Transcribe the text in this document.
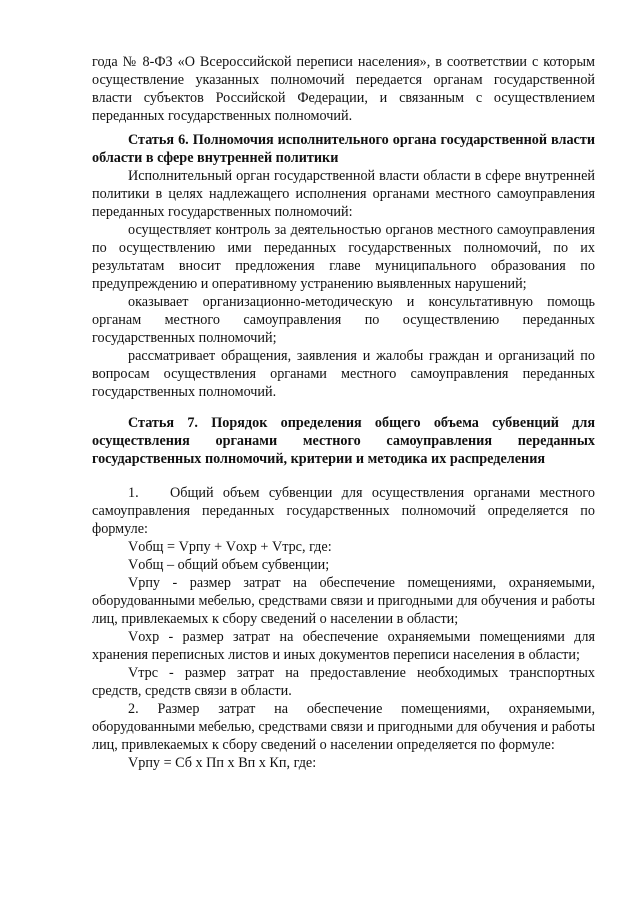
года № 8-ФЗ «О Всероссийской переписи населения», в соответствии с которым осуществление указанных полномочий передается органам государственной власти субъектов Российской Федерации, и связанным с осуществлением переданных государственных полномочий.

Статья 6. Полномочия исполнительного органа государственной власти области в сфере внутренней политики

Исполнительный орган государственной власти области в сфере внутренней политики в целях надлежащего исполнения органами местного самоуправления переданных государственных полномочий:

осуществляет контроль за деятельностью органов местного самоуправления по осуществлению ими переданных государственных полномочий, по их результатам вносит предложения главе муниципального образования по предупреждению и оперативному устранению выявленных нарушений;

оказывает организационно-методическую и консультативную помощь органам местного самоуправления по осуществлению переданных государственных полномочий;

рассматривает обращения, заявления и жалобы граждан и организаций по вопросам осуществления органами местного самоуправления переданных государственных полномочий.

Статья 7. Порядок определения общего объема субвенций для осуществления органами местного самоуправления переданных государственных полномочий, критерии и методика их распределения

1. Общий объем субвенции для осуществления органами местного самоуправления переданных государственных полномочий определяется по формуле:

Vобщ = Vрпу + Vохр + Vтрс, где:

Vобщ – общий объем субвенции;

Vрпу - размер затрат на обеспечение помещениями, охраняемыми, оборудованными мебелью, средствами связи и пригодными для обучения и работы лиц, привлекаемых к сбору сведений о населении в области;

Vохр - размер затрат на обеспечение охраняемыми помещениями для хранения переписных листов и иных документов переписи населения в области;

Vтрс - размер затрат на предоставление необходимых транспортных средств, средств связи в области.

2. Размер затрат на обеспечение помещениями, охраняемыми, оборудованными мебелью, средствами связи и пригодными для обучения и работы лиц, привлекаемых к сбору сведений о населении определяется по формуле:

Vрпу = Сб х Пп х Вп х Кп, где:
